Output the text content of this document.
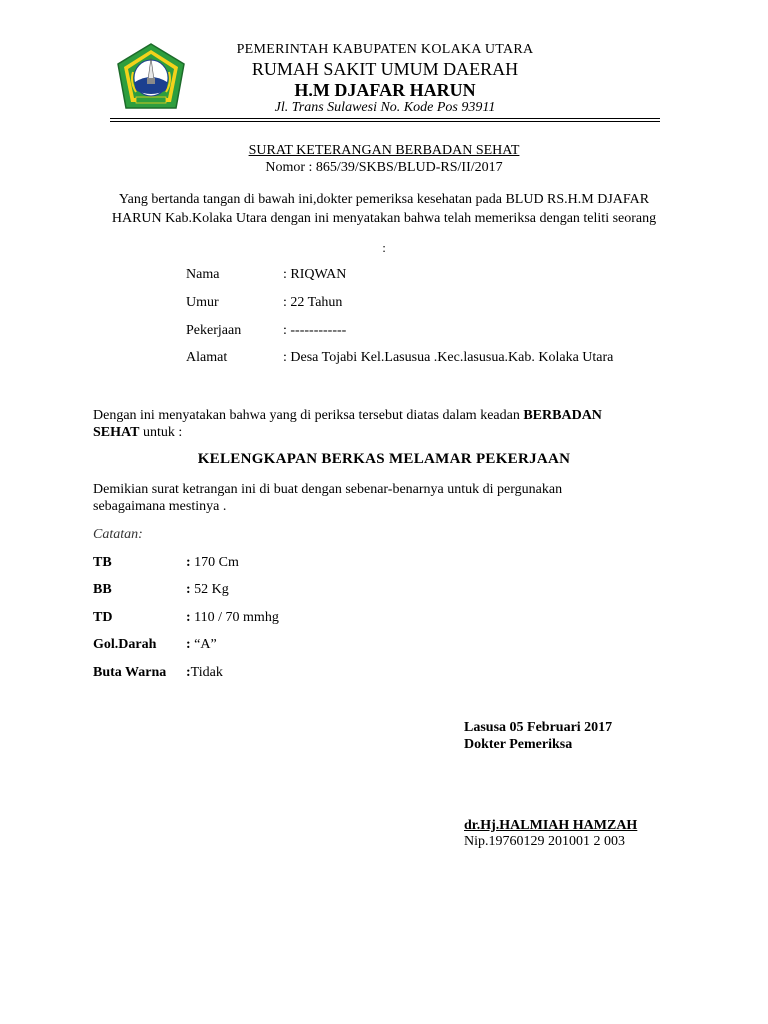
PEMERINTAH KABUPATEN KOLAKA UTARA
RUMAH SAKIT UMUM DAERAH
H.M DJAFAR HARUN
Jl. Trans Sulawesi No. Kode Pos 93911
SURAT KETERANGAN BERBADAN SEHAT
Nomor : 865/39/SKBS/BLUD-RS/II/2017
Yang bertanda tangan di bawah ini,dokter pemeriksa kesehatan pada BLUD RS.H.M DJAFAR
HARUN Kab.Kolaka Utara dengan ini menyatakan bahwa telah memeriksa dengan teliti seorang
:
Nama	: RIQWAN
Umur	: 22 Tahun
Pekerjaan	: ------------
Alamat	: Desa Tojabi Kel.Lasusua .Kec.lasusua.Kab. Kolaka Utara
Dengan ini menyatakan bahwa yang di periksa tersebut diatas dalam keadan BERBADAN
SEHAT untuk :
KELENGKAPAN BERKAS MELAMAR PEKERJAAN
Demikian surat ketrangan ini di buat dengan sebenar-benarnya untuk di pergunakan
sebagaimana mestinya .
Catatan:
TB	: 170 Cm
BB	: 52 Kg
TD	: 110 / 70 mmhg
Gol.Darah : “A”
Buta Warna :Tidak
Lasusa 05 Februari 2017
Dokter Pemeriksa
dr.Hj.HALMIAH HAMZAH
Nip.19760129 201001 2 003
